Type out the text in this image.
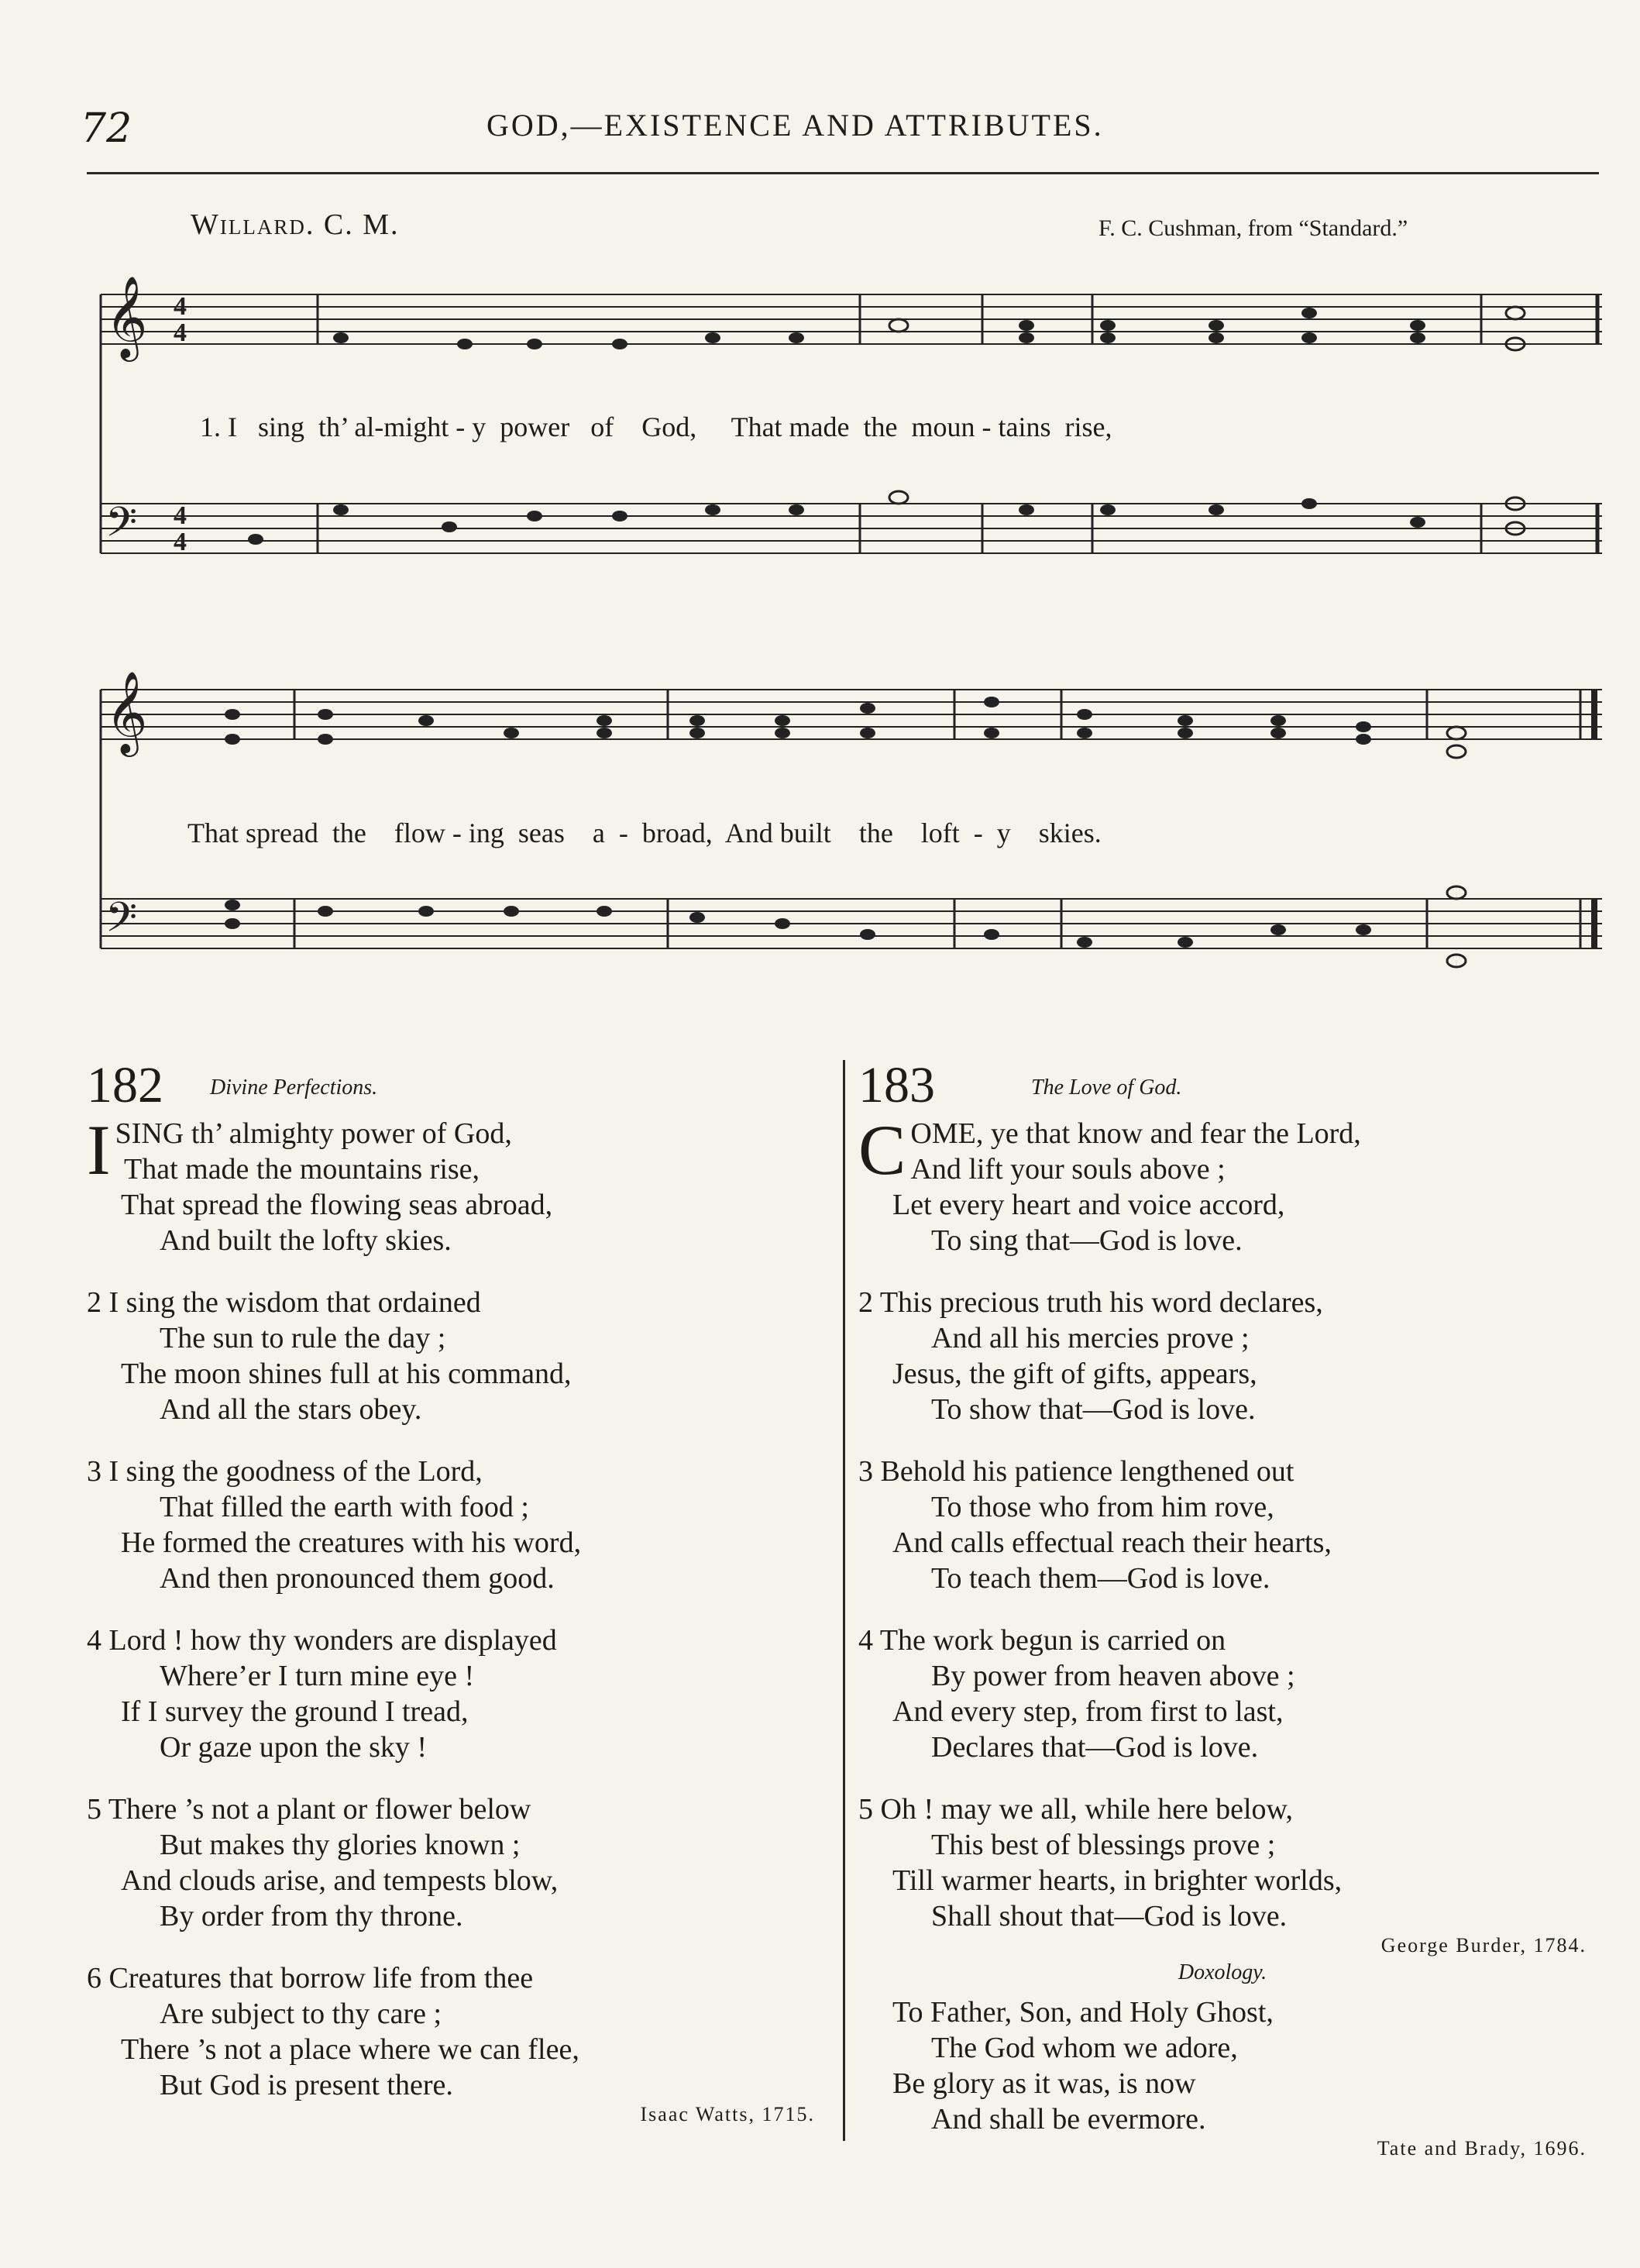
72	GOD,—EXISTENCE AND ATTRIBUTES.
Willard. C. M.	F. C. Cushman, from “Standard.”
𝄞
𝄢
4
4
4
4
1. I   sing  th’ al-might - y  power   of    God,     That made  the  moun - tains  rise,
𝄞
𝄢
That spread  the    flow - ing  seas    a  -  broad,  And built    the    loft  -  y    skies.
182 Divine Perfections.
I SING th’ almighty power of God,
That made the mountains rise,
That spread the flowing seas abroad,
And built the lofty skies.
2 I sing the wisdom that ordained
The sun to rule the day ;
The moon shines full at his command,
And all the stars obey.
3 I sing the goodness of the Lord,
That filled the earth with food ;
He formed the creatures with his word,
And then pronounced them good.
4 Lord ! how thy wonders are displayed
Where’er I turn mine eye !
If I survey the ground I tread,
Or gaze upon the sky !
5 There ’s not a plant or flower below
But makes thy glories known ;
And clouds arise, and tempests blow,
By order from thy throne.
6 Creatures that borrow life from thee
Are subject to thy care ;
There ’s not a place where we can flee,
But God is present there.
Isaac Watts, 1715.
183	The Love of God.
C OME, ye that know and fear the Lord,
And lift your souls above ;
Let every heart and voice accord,
To sing that—God is love.
2 This precious truth his word declares,
And all his mercies prove ;
Jesus, the gift of gifts, appears,
To show that—God is love.
3 Behold his patience lengthened out
To those who from him rove,
And calls effectual reach their hearts,
To teach them—God is love.
4 The work begun is carried on
By power from heaven above ;
And every step, from first to last,
Declares that—God is love.
5 Oh ! may we all, while here below,
This best of blessings prove ;
Till warmer hearts, in brighter worlds,
Shall shout that—God is love.
George Burder, 1784.
Doxology.
To Father, Son, and Holy Ghost,
The God whom we adore,
Be glory as it was, is now
And shall be evermore.
Tate and Brady, 1696.
